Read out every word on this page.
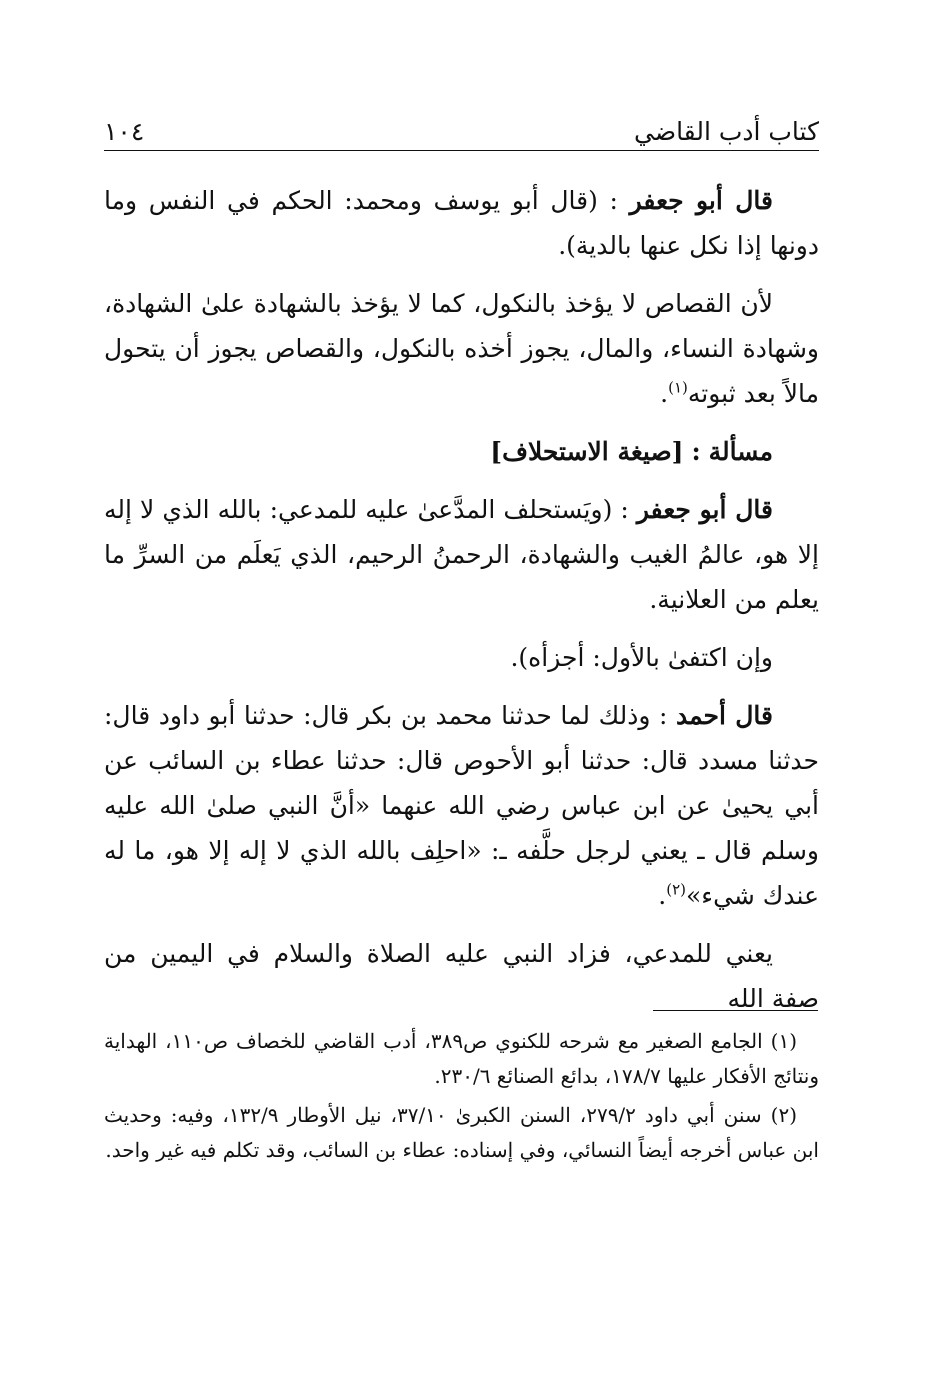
كتاب أدب القاضي
١٠٤

قال أبو جعفر : (قال أبو يوسف ومحمد: الحكم في النفس وما دونها إذا نكل عنها بالدية).

لأن القصاص لا يؤخذ بالنكول، كما لا يؤخذ بالشهادة علىٰ الشهادة، وشهادة النساء، والمال، يجوز أخذه بالنكول، والقصاص يجوز أن يتحول مالاً بعد ثبوته$^{(١)}$.

مسألة : [صيغة الاستحلاف]

قال أبو جعفر : (ويَستحلف المدَّعىٰ عليه للمدعي: بالله الذي لا إله إلا هو، عالمُ الغيب والشهادة، الرحمنُ الرحيم، الذي يَعلَم من السرِّ ما يعلم من العلانية.

وإن اكتفىٰ بالأول: أجزأه).

قال أحمد : وذلك لما حدثنا محمد بن بكر قال: حدثنا أبو داود قال: حدثنا مسدد قال: حدثنا أبو الأحوص قال: حدثنا عطاء بن السائب عن أبي يحيىٰ عن ابن عباس رضي الله عنهما «أنَّ النبي صلىٰ الله عليه وسلم قال ـ يعني لرجل حلَّفه ـ: «احلِف بالله الذي لا إله إلا هو، ما له عندك شيء»$^{(٢)}$.

يعني للمدعي، فزاد النبي عليه الصلاة والسلام في اليمين من صفة الله

(١) الجامع الصغير مع شرحه للكنوي ص٣٨٩، أدب القاضي للخصاف ص١١٠، الهداية ونتائج الأفكار عليها ١٧٨/٧، بدائع الصنائع ٢٣٠/٦.

(٢) سنن أبي داود ٢٧٩/٢، السنن الكبرىٰ ٣٧/١٠، نيل الأوطار ١٣٢/٩، وفيه: وحديث ابن عباس أخرجه أيضاً النسائي، وفي إسناده: عطاء بن السائب، وقد تكلم فيه غير واحد.
